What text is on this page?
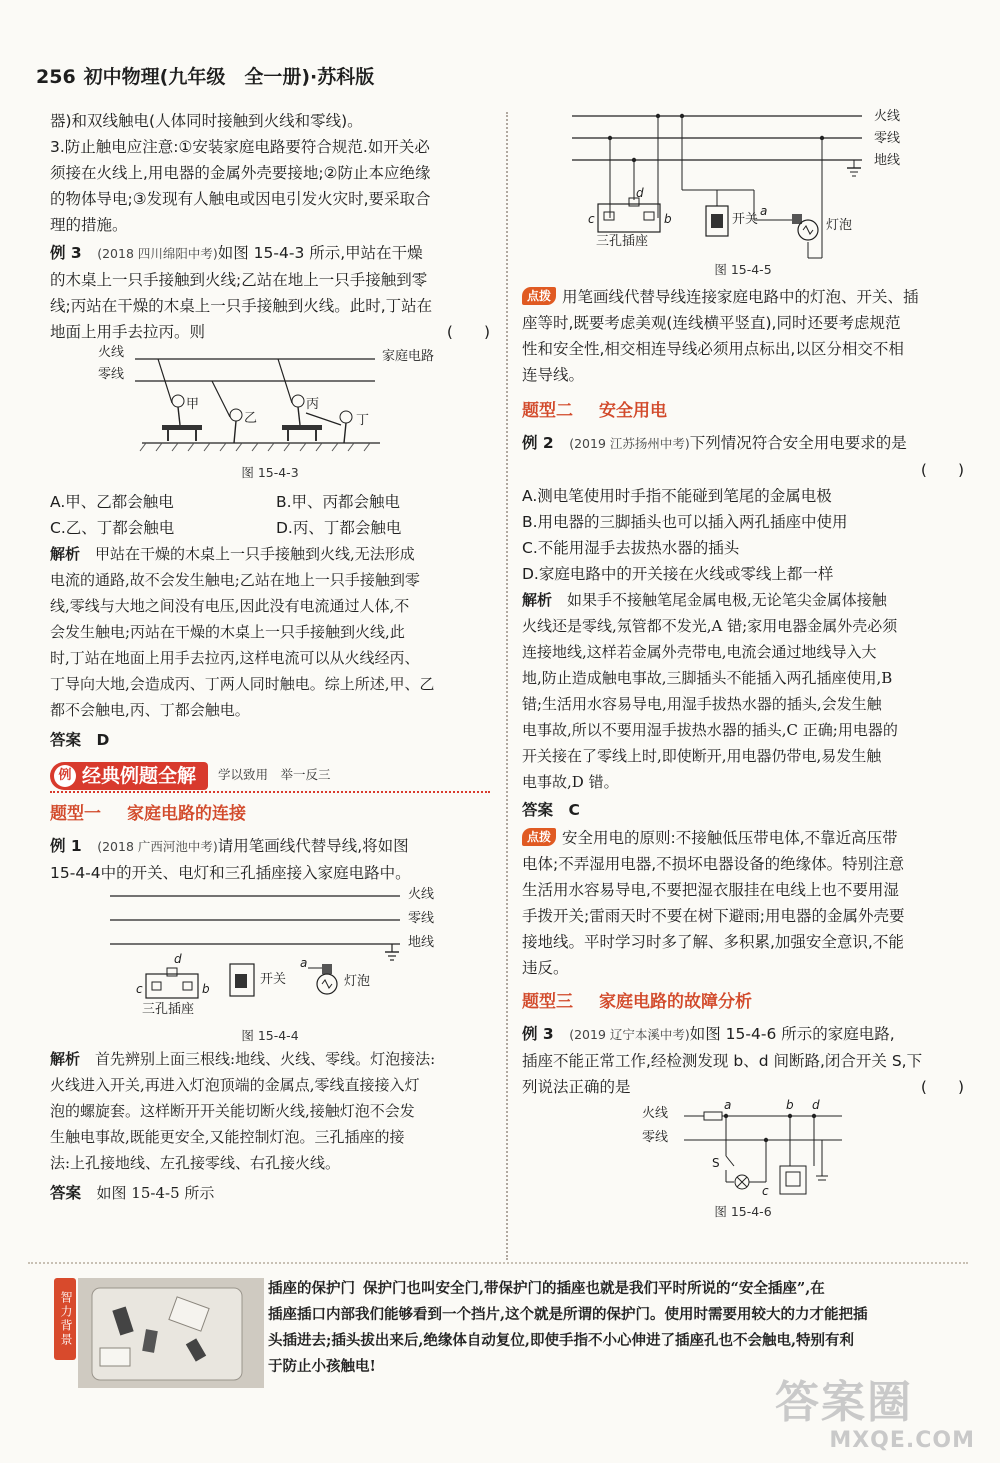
256 初中物理(九年级　全一册)·苏科版

器)和双线触电(人体同时接触到火线和零线)。

3.防止触电应注意:①安装家庭电路要符合规范.如开关必

须接在火线上,用电器的金属外壳要接地;②防止本应绝缘

的物体导电;③发现有人触电或因电引发火灾时,要采取合

理的措施。

例 3　 (2018 四川绵阳中考)如图 15-4-3 所示,甲站在干燥

的木桌上一只手接触到火线;乙站在地上一只手接触到零

线;丙站在干燥的木桌上一只手接触到火线。此时,丁站在

地面上用手去拉丙。则	(　　)

火线
零线
家庭电路
甲
乙
丙
丁
图 15-4-3
A.甲、乙都会触电	B.甲、丙都会触电
C.乙、丁都会触电	D.丙、丁都会触电

解析　 甲站在干燥的木桌上一只手接触到火线,无法形成

电流的通路,故不会发生触电;乙站在地上一只手接触到零

线,零线与大地之间没有电压,因此没有电流通过人体,不

会发生触电;丙站在干燥的木桌上一只手接触到火线,此

时,丁站在地面上用手去拉丙,这样电流可以从火线经丙、

丁导向大地,会造成丙、丁两人同时触电。综上所述,甲、乙

都不会触电,丙、丁都会触电。

答案　 D

例 经典例题全解 学以致用　举一反三
题型一 家庭电路的连接

例 1　 (2018 广西河池中考)请用笔画线代替导线,将如图

15-4-4中的开关、电灯和三孔插座接入家庭电路中。

火线
零线
地线
d
c	b
a
开关	灯泡
三孔插座
图 15-4-4

解析　 首先辨别上面三根线:地线、火线、零线。灯泡接法:

火线进入开关,再进入灯泡顶端的金属点,零线直接接入灯

泡的螺旋套。这样断开开关能切断火线,接触灯泡不会发

生触电事故,既能更安全,又能控制灯泡。三孔插座的接

法:上孔接地线、左孔接零线、右孔接火线。

答案　 如图 15-4-5 所示

火线
零线
地线
d
c	b
a
开关	灯泡
三孔插座
图 15-4-5

点拨 用笔画线代替导线连接家庭电路中的灯泡、开关、插

座等时,既要考虑美观(连线横平竖直),同时还要考虑规范

性和安全性,相交相连导线必须用点标出,以区分相交不相

连导线。

题型二 安全用电

例 2　 (2019 江苏扬州中考)下列情况符合安全用电要求的是

(　　)

A.测电笔使用时手指不能碰到笔尾的金属电极

B.用电器的三脚插头也可以插入两孔插座中使用

C.不能用湿手去拔热水器的插头

D.家庭电路中的开关接在火线或零线上都一样

解析　 如果手不接触笔尾金属电极,无论笔尖金属体接触

火线还是零线,氖管都不发光,A 错;家用电器金属外壳必须

连接地线,这样若金属外壳带电,电流会通过地线导入大

地,防止造成触电事故,三脚插头不能插入两孔插座使用,B

错;生活用水容易导电,用湿手拔热水器的插头,会发生触

电事故,所以不要用湿手拔热水器的插头,C 正确;用电器的

开关接在了零线上时,即使断开,用电器仍带电,易发生触

电事故,D 错。

答案　 C

点拨 安全用电的原则:不接触低压带电体,不靠近高压带

电体;不弄湿用电器,不损坏电器设备的绝缘体。特别注意

生活用水容易导电,不要把湿衣服挂在电线上也不要用湿

手拨开关;雷雨天时不要在树下避雨;用电器的金属外壳要

接地线。平时学习时多了解、多积累,加强安全意识,不能

违反。

题型三 家庭电路的故障分析

例 3　 (2019 辽宁本溪中考)如图 15-4-6 所示的家庭电路,

插座不能正常工作,经检测发现 b、d 间断路,闭合开关 S,下

列说法正确的是	(　　)

火线
零线
a	b d
c
S
图 15-4-6
智力背景
插座的保护门 保护门也叫安全门,带保护门的插座也就是我们平时所说的“安全插座”,在
插座插口内部我们能够看到一个挡片,这个就是所谓的保护门。使用时需要用较大的力才能把插
头插进去;插头拔出来后,绝缘体自动复位,即使手指不小心伸进了插座孔也不会触电,特别有利
于防止小孩触电!
答案圈
MXQE.COM
